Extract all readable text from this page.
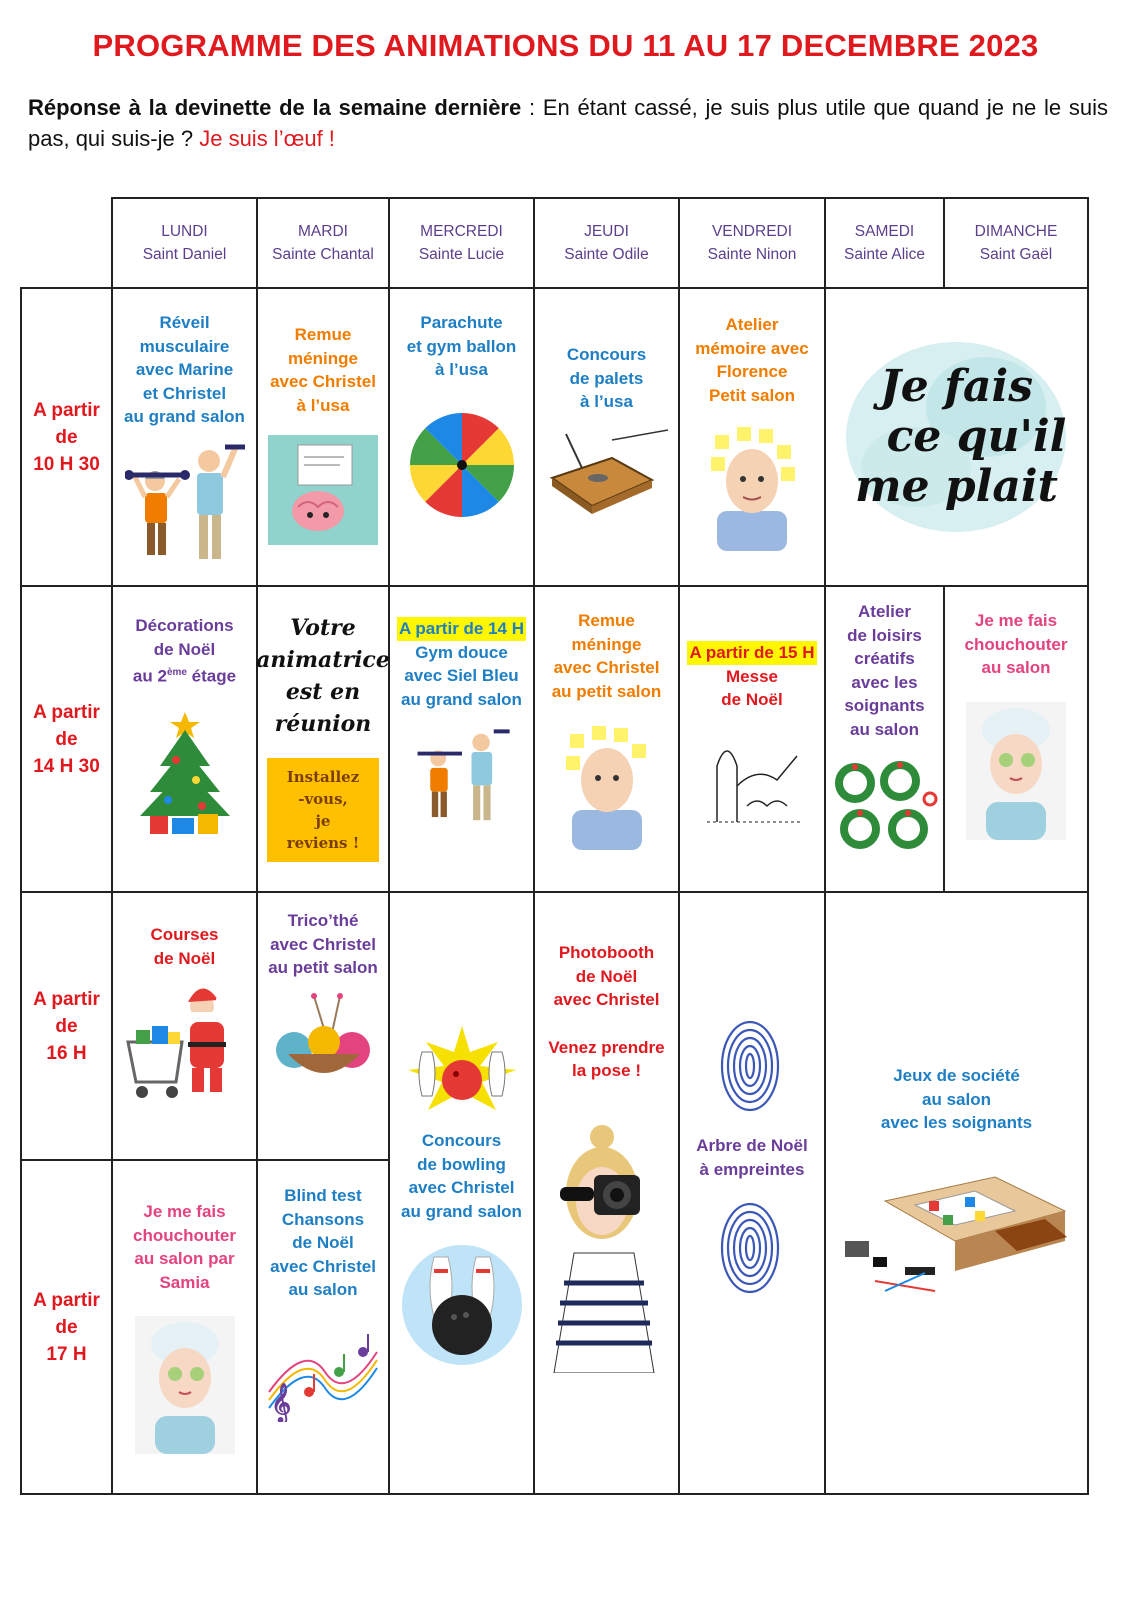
PROGRAMME DES ANIMATIONS DU 11 AU 17 DECEMBRE 2023
Réponse à la devinette de la semaine dernière : En étant cassé, je suis plus utile que quand je ne le suis pas, qui suis-je ? Je suis l’œuf !
LUNDI
Saint Daniel
MARDI
Sainte Chantal
MERCREDI
Sainte Lucie
JEUDI
Sainte Odile
VENDREDI
Sainte Ninon
SAMEDI
Sainte Alice
DIMANCHE
Saint Gaël
A partir
de
10 H 30
A partir
de
14 H 30
A partir
de
16 H
A partir
de
17 H
Réveil
musculaire
avec Marine
et Christel
au grand salon
Remue
méninge
avec Christel
à l’usa
Parachute
et gym ballon
à l’usa
Concours
de palets
à l’usa
Atelier
mémoire avec
Florence
Petit salon	Je fais
ce qu'il
me plait
Décorations
de Noël
au 2ème étage
Votre
animatrice
est en
réunion
Installez
-vous,
je
reviens !
A partir de 14 H
Gym douce
avec Siel Bleu
au grand salon
Remue
méninge
avec Christel
au petit salon
A partir de 15 H
Messe
de Noël
Atelier
de loisirs
créatifs
avec les
soignants
au salon
Je me fais
chouchouter
au salon
Courses
de Noël
Trico’thé
avec Christel
au petit salon
Concours
de bowling
avec Christel
au grand salon
Photobooth
de Noël
avec Christel
Venez prendre
la pose !
Arbre de Noël
à empreintes
Jeux de société
au salon
avec les soignants
Je me fais
chouchouter
au salon par
Samia
Blind test
Chansons
de Noël
avec Christel
au salon
𝄞
